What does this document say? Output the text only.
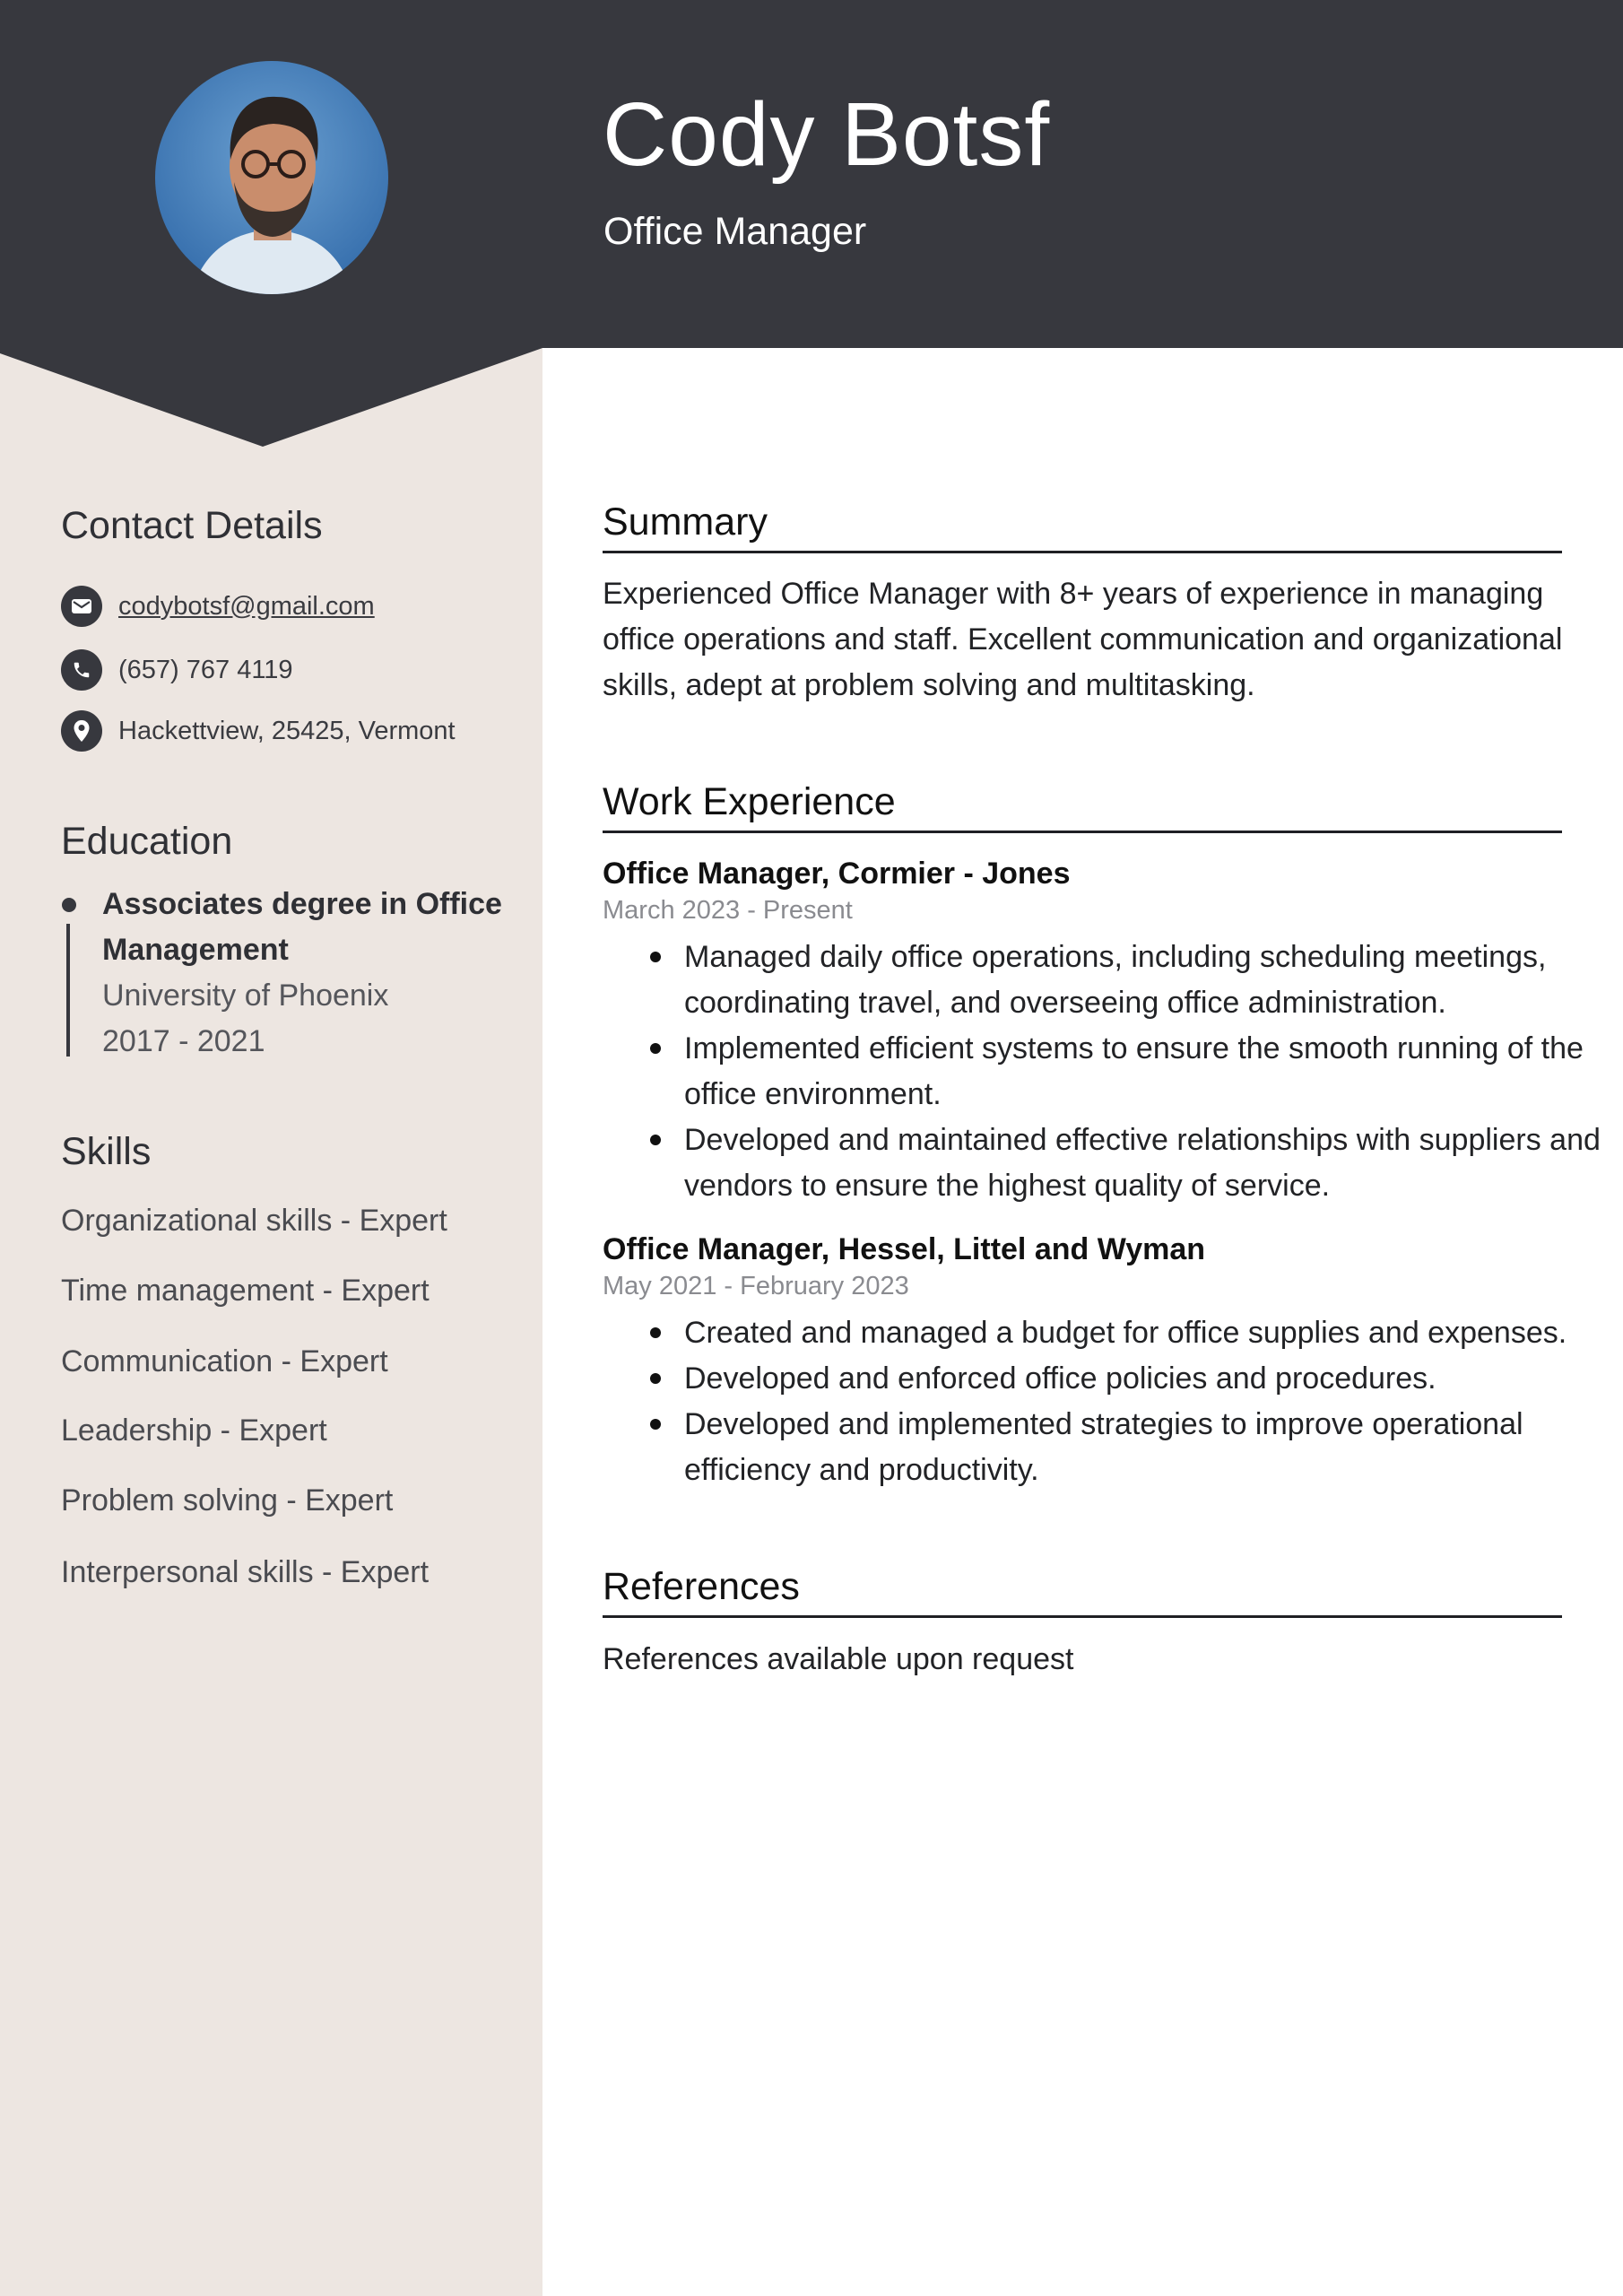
Cody Botsf
Office Manager
Contact Details
codybotsf@gmail.com
(657) 767 4119
Hackettview, 25425, Vermont
Education
Associates degree in Office Management
University of Phoenix
2017 - 2021
Skills
Organizational skills - Expert
Time management - Expert
Communication - Expert
Leadership - Expert
Problem solving - Expert
Interpersonal skills - Expert
Summary
Experienced Office Manager with 8+ years of experience in managing office operations and staff. Excellent communication and organizational skills, adept at problem solving and multitasking.
Work Experience
Office Manager, Cormier - Jones
March 2023 - Present
Managed daily office operations, including scheduling meetings, coordinating travel, and overseeing office administration.
Implemented efficient systems to ensure the smooth running of the office environment.
Developed and maintained effective relationships with suppliers and vendors to ensure the highest quality of service.
Office Manager, Hessel, Littel and Wyman
May 2021 - February 2023
Created and managed a budget for office supplies and expenses.
Developed and enforced office policies and procedures.
Developed and implemented strategies to improve operational efficiency and productivity.
References
References available upon request
